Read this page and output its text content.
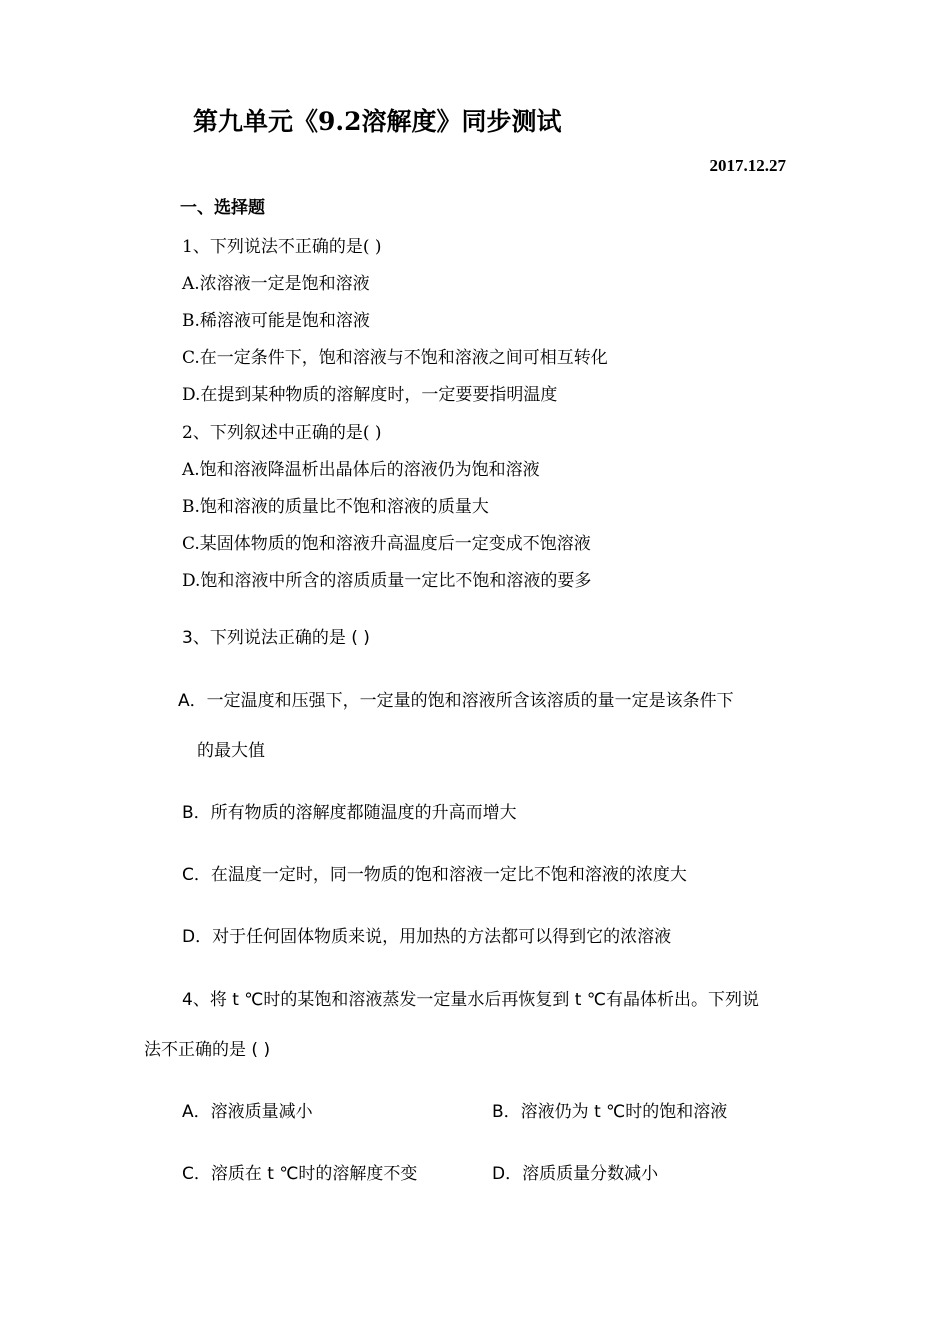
第九单元《9.2溶解度》同步测试
2017.12.27
一、选择题
1、下列说法不正确的是( )
A.浓溶液一定是饱和溶液
B.稀溶液可能是饱和溶液
C.在一定条件下，饱和溶液与不饱和溶液之间可相互转化
D.在提到某种物质的溶解度时，一定要要指明温度
2、下列叙述中正确的是( )
A.饱和溶液降温析出晶体后的溶液仍为饱和溶液
B.饱和溶液的质量比不饱和溶液的质量大
C.某固体物质的饱和溶液升高温度后一定变成不饱溶液
D.饱和溶液中所含的溶质质量一定比不饱和溶液的要多
3、下列说法正确的是 ( )
A．一定温度和压强下，一定量的饱和溶液所含该溶质的量一定是该条件下
的最大值
B．所有物质的溶解度都随温度的升高而增大
C．在温度一定时，同一物质的饱和溶液一定比不饱和溶液的浓度大
D．对于任何固体物质来说，用加热的方法都可以得到它的浓溶液
4、将 t ℃时的某饱和溶液蒸发一定量水后再恢复到 t ℃有晶体析出。下列说
法不正确的是 ( )
A．溶液质量减小	B．溶液仍为 t ℃时的饱和溶液
C．溶质在 t ℃时的溶解度不变	D．溶质质量分数减小
